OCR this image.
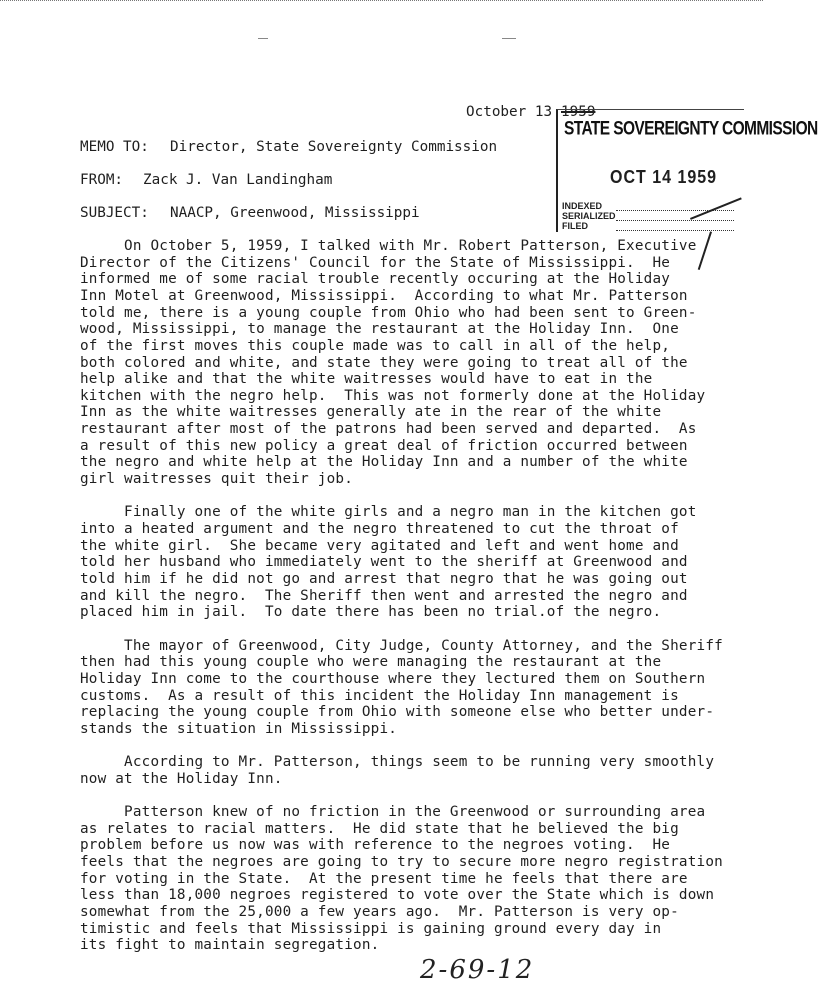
October 13 1959
MEMO TO: Director, State Sovereignty Commission
FROM: Zack J. Van Landingham
SUBJECT: NAACP, Greenwood, Mississippi
STATE SOVEREIGNTY COMMISSION
OCT 14 1959
INDEXED
SERIALIZED
FILED
On October 5, 1959, I talked with Mr. Robert Patterson, Executive
Director of the Citizens' Council for the State of Mississippi.  He
informed me of some racial trouble recently occuring at the Holiday
Inn Motel at Greenwood, Mississippi.  According to what Mr. Patterson
told me, there is a young couple from Ohio who had been sent to Green-
wood, Mississippi, to manage the restaurant at the Holiday Inn.  One
of the first moves this couple made was to call in all of the help,
both colored and white, and state they were going to treat all of the
help alike and that the white waitresses would have to eat in the
kitchen with the negro help.  This was not formerly done at the Holiday
Inn as the white waitresses generally ate in the rear of the white
restaurant after most of the patrons had been served and departed.  As
a result of this new policy a great deal of friction occurred between
the negro and white help at the Holiday Inn and a number of the white
girl waitresses quit their job.
Finally one of the white girls and a negro man in the kitchen got
into a heated argument and the negro threatened to cut the throat of
the white girl.  She became very agitated and left and went home and
told her husband who immediately went to the sheriff at Greenwood and
told him if he did not go and arrest that negro that he was going out
and kill the negro.  The Sheriff then went and arrested the negro and
placed him in jail.  To date there has been no trial.of the negro.
The mayor of Greenwood, City Judge, County Attorney, and the Sheriff
then had this young couple who were managing the restaurant at the
Holiday Inn come to the courthouse where they lectured them on Southern
customs.  As a result of this incident the Holiday Inn management is
replacing the young couple from Ohio with someone else who better under-
stands the situation in Mississippi.
According to Mr. Patterson, things seem to be running very smoothly
now at the Holiday Inn.
Patterson knew of no friction in the Greenwood or surrounding area
as relates to racial matters.  He did state that he believed the big
problem before us now was with reference to the negroes voting.  He
feels that the negroes are going to try to secure more negro registration
for voting in the State.  At the present time he feels that there are
less than 18,000 negroes registered to vote over the State which is down
somewhat from the 25,000 a few years ago.  Mr. Patterson is very op-
timistic and feels that Mississippi is gaining ground every day in
its fight to maintain segregation.
2-69-12
